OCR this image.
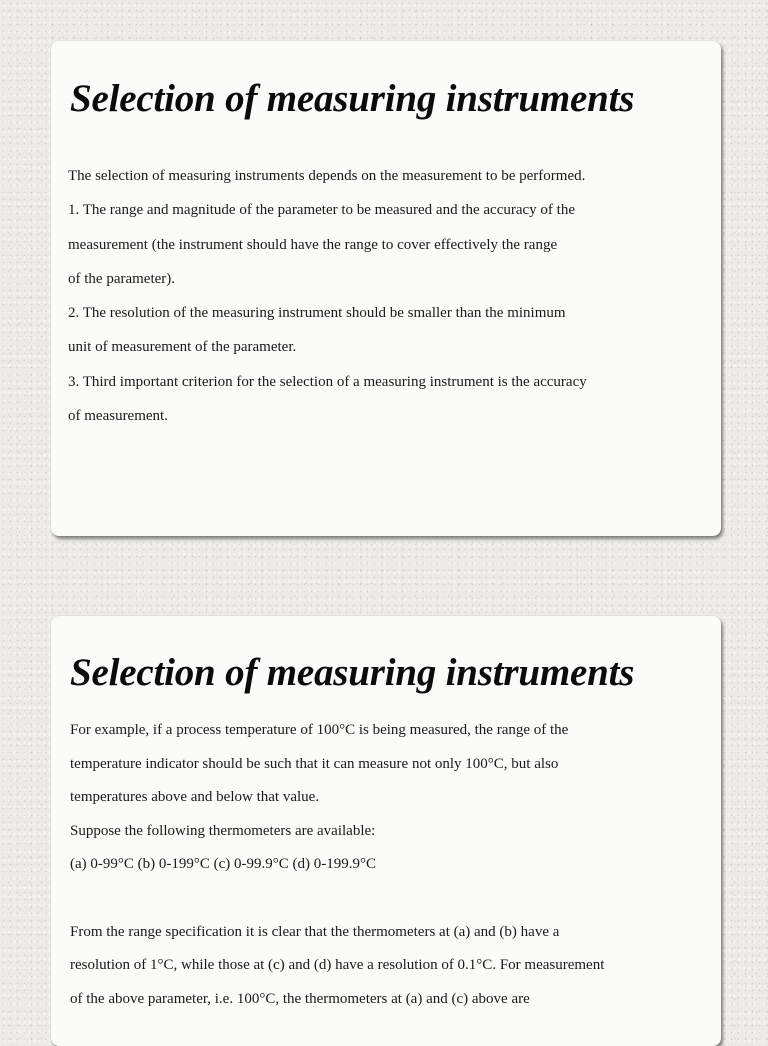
Selection of measuring instruments
The selection of measuring instruments depends on the measurement to be performed.
1. The range and magnitude of the parameter to be measured and the accuracy of the
measurement (the instrument should have the range to cover effectively the range
of the parameter).
2. The resolution of the measuring instrument should be smaller than the minimum
unit of measurement of the parameter.
3. Third important criterion for the selection of a measuring instrument is the accuracy
of measurement.
Selection of measuring instruments
For example, if a process temperature of 100°C is being measured, the range of the
temperature indicator should be such that it can measure not only 100°C, but also
temperatures above and below that value.
Suppose the following thermometers are available:
(a) 0-99°C (b) 0-199°C (c) 0-99.9°C (d) 0-199.9°C
From the range specification it is clear that the thermometers at (a) and (b) have a
resolution of 1°C, while those at (c) and (d) have a resolution of 0.1°C. For measurement
of the above parameter, i.e. 100°C, the thermometers at (a) and (c) above are
